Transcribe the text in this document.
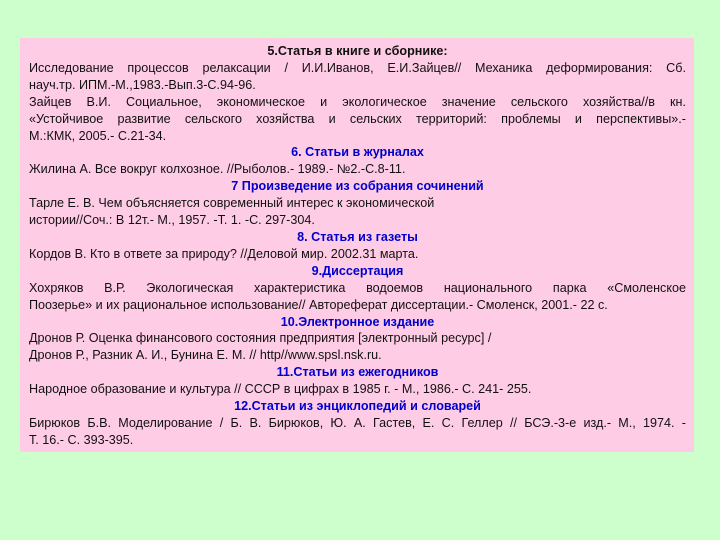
5.Статья в книге и сборнике:
Исследование процессов релаксации / И.И.Иванов, Е.И.Зайцев// Механика деформирования: Сб.
науч.тр. ИПМ.-М.,1983.-Вып.3-С.94-96.
Зайцев В.И. Социальное, экономическое и экологическое значение сельского хозяйства//в кн.
«Устойчивое развитие сельского хозяйства и сельских территорий: проблемы и перспективы».-
М.:КМК, 2005.- С.21-34.
6. Статьи в журналах
Жилина А. Все вокруг колхозное. //Рыболов.- 1989.- №2.-С.8-11.
7 Произведение из собрания сочинений
Тарле Е. В. Чем объясняется современный интерес к экономической
истории//Соч.: В 12т.- М., 1957. -Т. 1. -С. 297-304.
8. Статья из газеты
Кордов В. Кто в ответе за природу? //Деловой мир. 2002.31 марта.
9.Диссертация
Хохряков В.Р. Экологическая характеристика водоемов национального парка «Смоленское
Поозерье» и их рациональное использование// Автореферат диссертации.- Смоленск, 2001.- 22 с.
10.Электронное издание
Дронов Р. Оценка финансового состояния предприятия [электронный ресурс] /
Дронов Р., Разник А. И., Бунина Е. М. // http//www.spsl.nsk.ru.
11.Статьи из ежегодников
Народное образование и культура // СССР в цифрах в 1985 г. - М., 1986.- С. 241- 255.
12.Статьи из энциклопедий и словарей
Бирюков Б.В. Моделирование / Б. В. Бирюков, Ю. А. Гастев, Е. С. Геллер // БСЭ.-3-е изд.- М., 1974. -
Т. 16.- С. 393-395.
